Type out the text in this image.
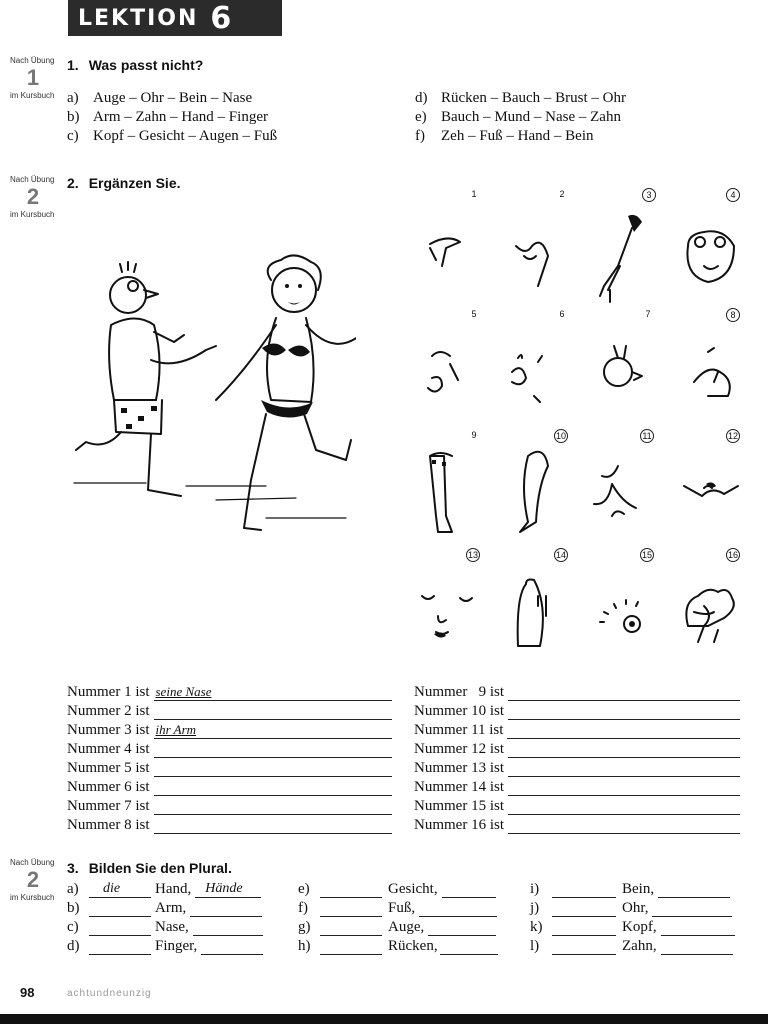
LEKTION 6
Nach Übung
1
im Kursbuch
Nach Übung
2
im Kursbuch
Nach Übung
2
im Kursbuch
1. Was passt nicht?
a) Auge – Ohr – Bein – Nase
b) Arm – Zahn – Hand – Finger
c) Kopf – Gesicht – Augen – Fuß
d) Rücken – Bauch – Brust – Ohr
e) Bauch – Mund – Nase – Zahn
f) Zeh – Fuß – Hand – Bein
2. Ergänzen Sie.
1	2	3	4
5	6	7	8
9	10	11	12
13	14	15	16
Nummer 1 ist seine Nase
Nummer 2 ist
Nummer 3 ist ihr Arm
Nummer 4 ist
Nummer 5 ist
Nummer 6 ist
Nummer 7 ist
Nummer 8 ist
Nummer   9 ist
Nummer 10 ist
Nummer 11 ist
Nummer 12 ist
Nummer 13 ist
Nummer 14 ist
Nummer 15 ist
Nummer 16 ist
3. Bilden Sie den Plural.
a)	die Hand, Hände
b)	Arm,
c)	Nase,
d)	Finger,
e)	Gesicht,
f)	Fuß,
g)	Auge,
h)	Rücken,
i)	Bein,
j)	Ohr,
k)	Kopf,
l)	Zahn,
98	achtundneunzig
